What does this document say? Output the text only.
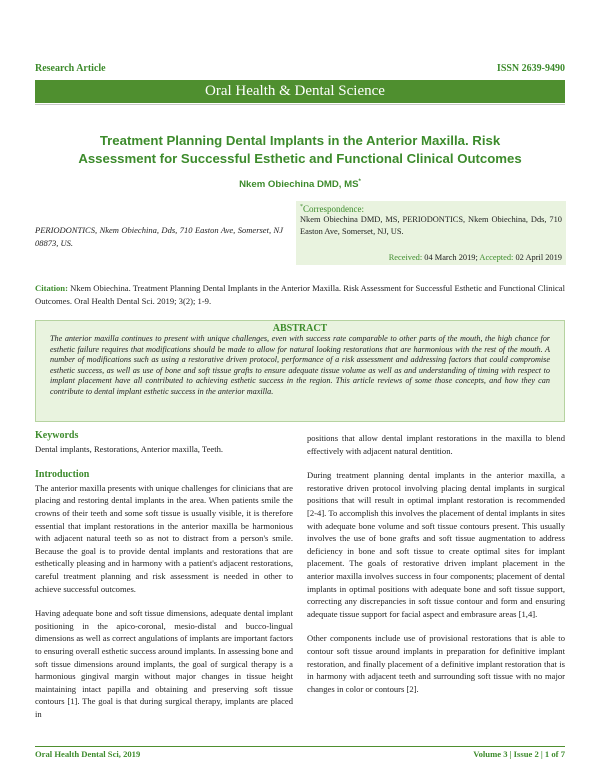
Research Article	ISSN 2639-9490
Oral Health & Dental Science
Treatment Planning Dental Implants in the Anterior Maxilla. Risk
Assessment for Successful Esthetic and Functional Clinical Outcomes
Nkem Obiechina DMD, MS*
PERIODONTICS, Nkem Obiechina, Dds, 710 Easton Ave, Somerset, NJ 08873, US.
*Correspondence:
Nkem Obiechina DMD, MS, PERIODONTICS, Nkem Obiechina, Dds, 710 Easton Ave, Somerset, NJ, US.
Received: 04 March 2019; Accepted: 02 April 2019
Citation: Nkem Obiechina. Treatment Planning Dental Implants in the Anterior Maxilla. Risk Assessment for Successful Esthetic and Functional Clinical Outcomes. Oral Health Dental Sci. 2019; 3(2); 1-9.
ABSTRACT
The anterior maxilla continues to present with unique challenges, even with success rate comparable to other parts of the mouth, the high chance for esthetic failure requires that modifications should be made to allow for natural looking restorations that are harmonious with the rest of the mouth. A number of modifications such as using a restorative driven protocol, performance of a risk assessment and addressing factors that could compromise esthetic success, as well as use of bone and soft tissue grafts to ensure adequate tissue volume as well as and understanding of timing with respect to implant placement have all contributed to achieving esthetic success in the region. This article reviews of some those concepts, and how they can contribute to dental implant esthetic success in the anterior maxilla.
Keywords

Dental implants, Restorations, Anterior maxilla, Teeth.

Introduction

The anterior maxilla presents with unique challenges for clinicians that are placing and restoring dental implants in the area. When patients smile the crowns of their teeth and some soft tissue is usually visible, it is therefore essential that implant restorations in the anterior maxilla be harmonious with adjacent natural teeth so as not to distract from a person's smile. Because the goal is to provide dental implants and restorations that are esthetically pleasing and in harmony with a patient's adjacent restorations, careful treatment planning and risk assessment is needed in other to achieve successful outcomes.

Having adequate bone and soft tissue dimensions, adequate dental implant positioning in the apico-coronal, mesio-distal and bucco-lingual dimensions as well as correct angulations of implants are important factors to ensuring overall esthetic success around implants. In assessing bone and soft tissue dimensions around implants, the goal of surgical therapy is a harmonious gingival margin without major changes in tissue height maintaining intact papilla and obtaining and preserving soft tissue contours [1]. The goal is that during surgical therapy, implants are placed in

positions that allow dental implant restorations in the maxilla to blend effectively with adjacent natural dentition.

During treatment planning dental implants in the anterior maxilla, a restorative driven protocol involving placing dental implants in surgical positions that will result in optimal implant restoration is recommended [2-4]. To accomplish this involves the placement of dental implants in sites with adequate bone volume and soft tissue contours present. This usually involves the use of bone grafts and soft tissue augmentation to address deficiency in bone and soft tissue to create optimal sites for implant placement. The goals of restorative driven implant placement in the anterior maxilla involves success in four components; placement of dental implants in optimal positions with adequate bone and soft tissue support, correcting any discrepancies in soft tissue contour and form and ensuring adequate tissue support for facial aspect and embrasure areas [1,4].

Other components include use of provisional restorations that is able to contour soft tissue around implants in preparation for definitive implant restoration, and finally placement of a definitive implant restoration that is in harmony with adjacent teeth and surrounding soft tissue with no major changes in color or contours [2].

Oral Health Dental Sci, 2019	Volume 3 | Issue 2 | 1 of 7
